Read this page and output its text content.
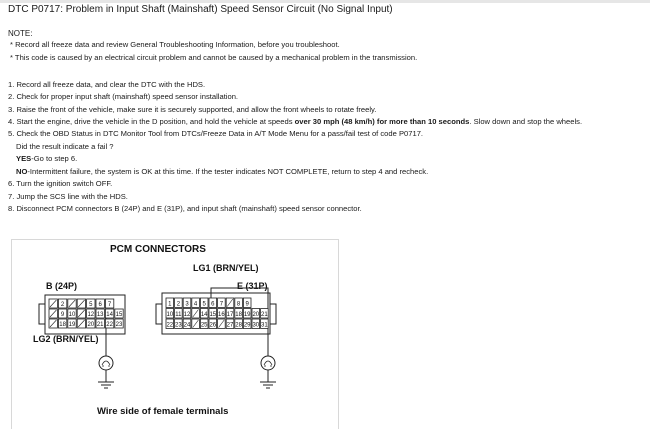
DTC P0717: Problem in Input Shaft (Mainshaft) Speed Sensor Circuit (No Signal Input)
NOTE:
* Record all freeze data and review General Troubleshooting Information, before you troubleshoot.
* This code is caused by an electrical circuit problem and cannot be caused by a mechanical problem in the transmission.
1. Record all freeze data, and clear the DTC with the HDS.
2. Check for proper input shaft (mainshaft) speed sensor installation.
3. Raise the front of the vehicle, make sure it is securely supported, and allow the front wheels to rotate freely.
4. Start the engine, drive the vehicle in the D position, and hold the vehicle at speeds over 30 mph (48 km/h) for more than 10 seconds. Slow down and stop the wheels.
5. Check the OBD Status in DTC Monitor Tool from DTCs/Freeze Data in A/T Mode Menu for a pass/fail test of code P0717.
Did the result indicate a fail ?
YES-Go to step 6.
NO-Intermittent failure, the system is OK at this time. If the tester indicates NOT COMPLETE, return to step 4 and recheck.
6. Turn the ignition switch OFF.
7. Jump the SCS line with the HDS.
8. Disconnect PCM connectors B (24P) and E (31P), and input shaft (mainshaft) speed sensor connector.
PCM CONNECTORS
LG1 (BRN/YEL)
B (24P)	E (31P)
LG2 (BRN/YEL)
Wire side of female terminals
2	5 6 7
9 10 12 13 14 15
18 19 20 21 22 23
1 2 3 4 5 6 7 8 9
10 11 12 14 15 16 17 18 19 20 21
22 23 24 25 26 27 28 29 30 31
